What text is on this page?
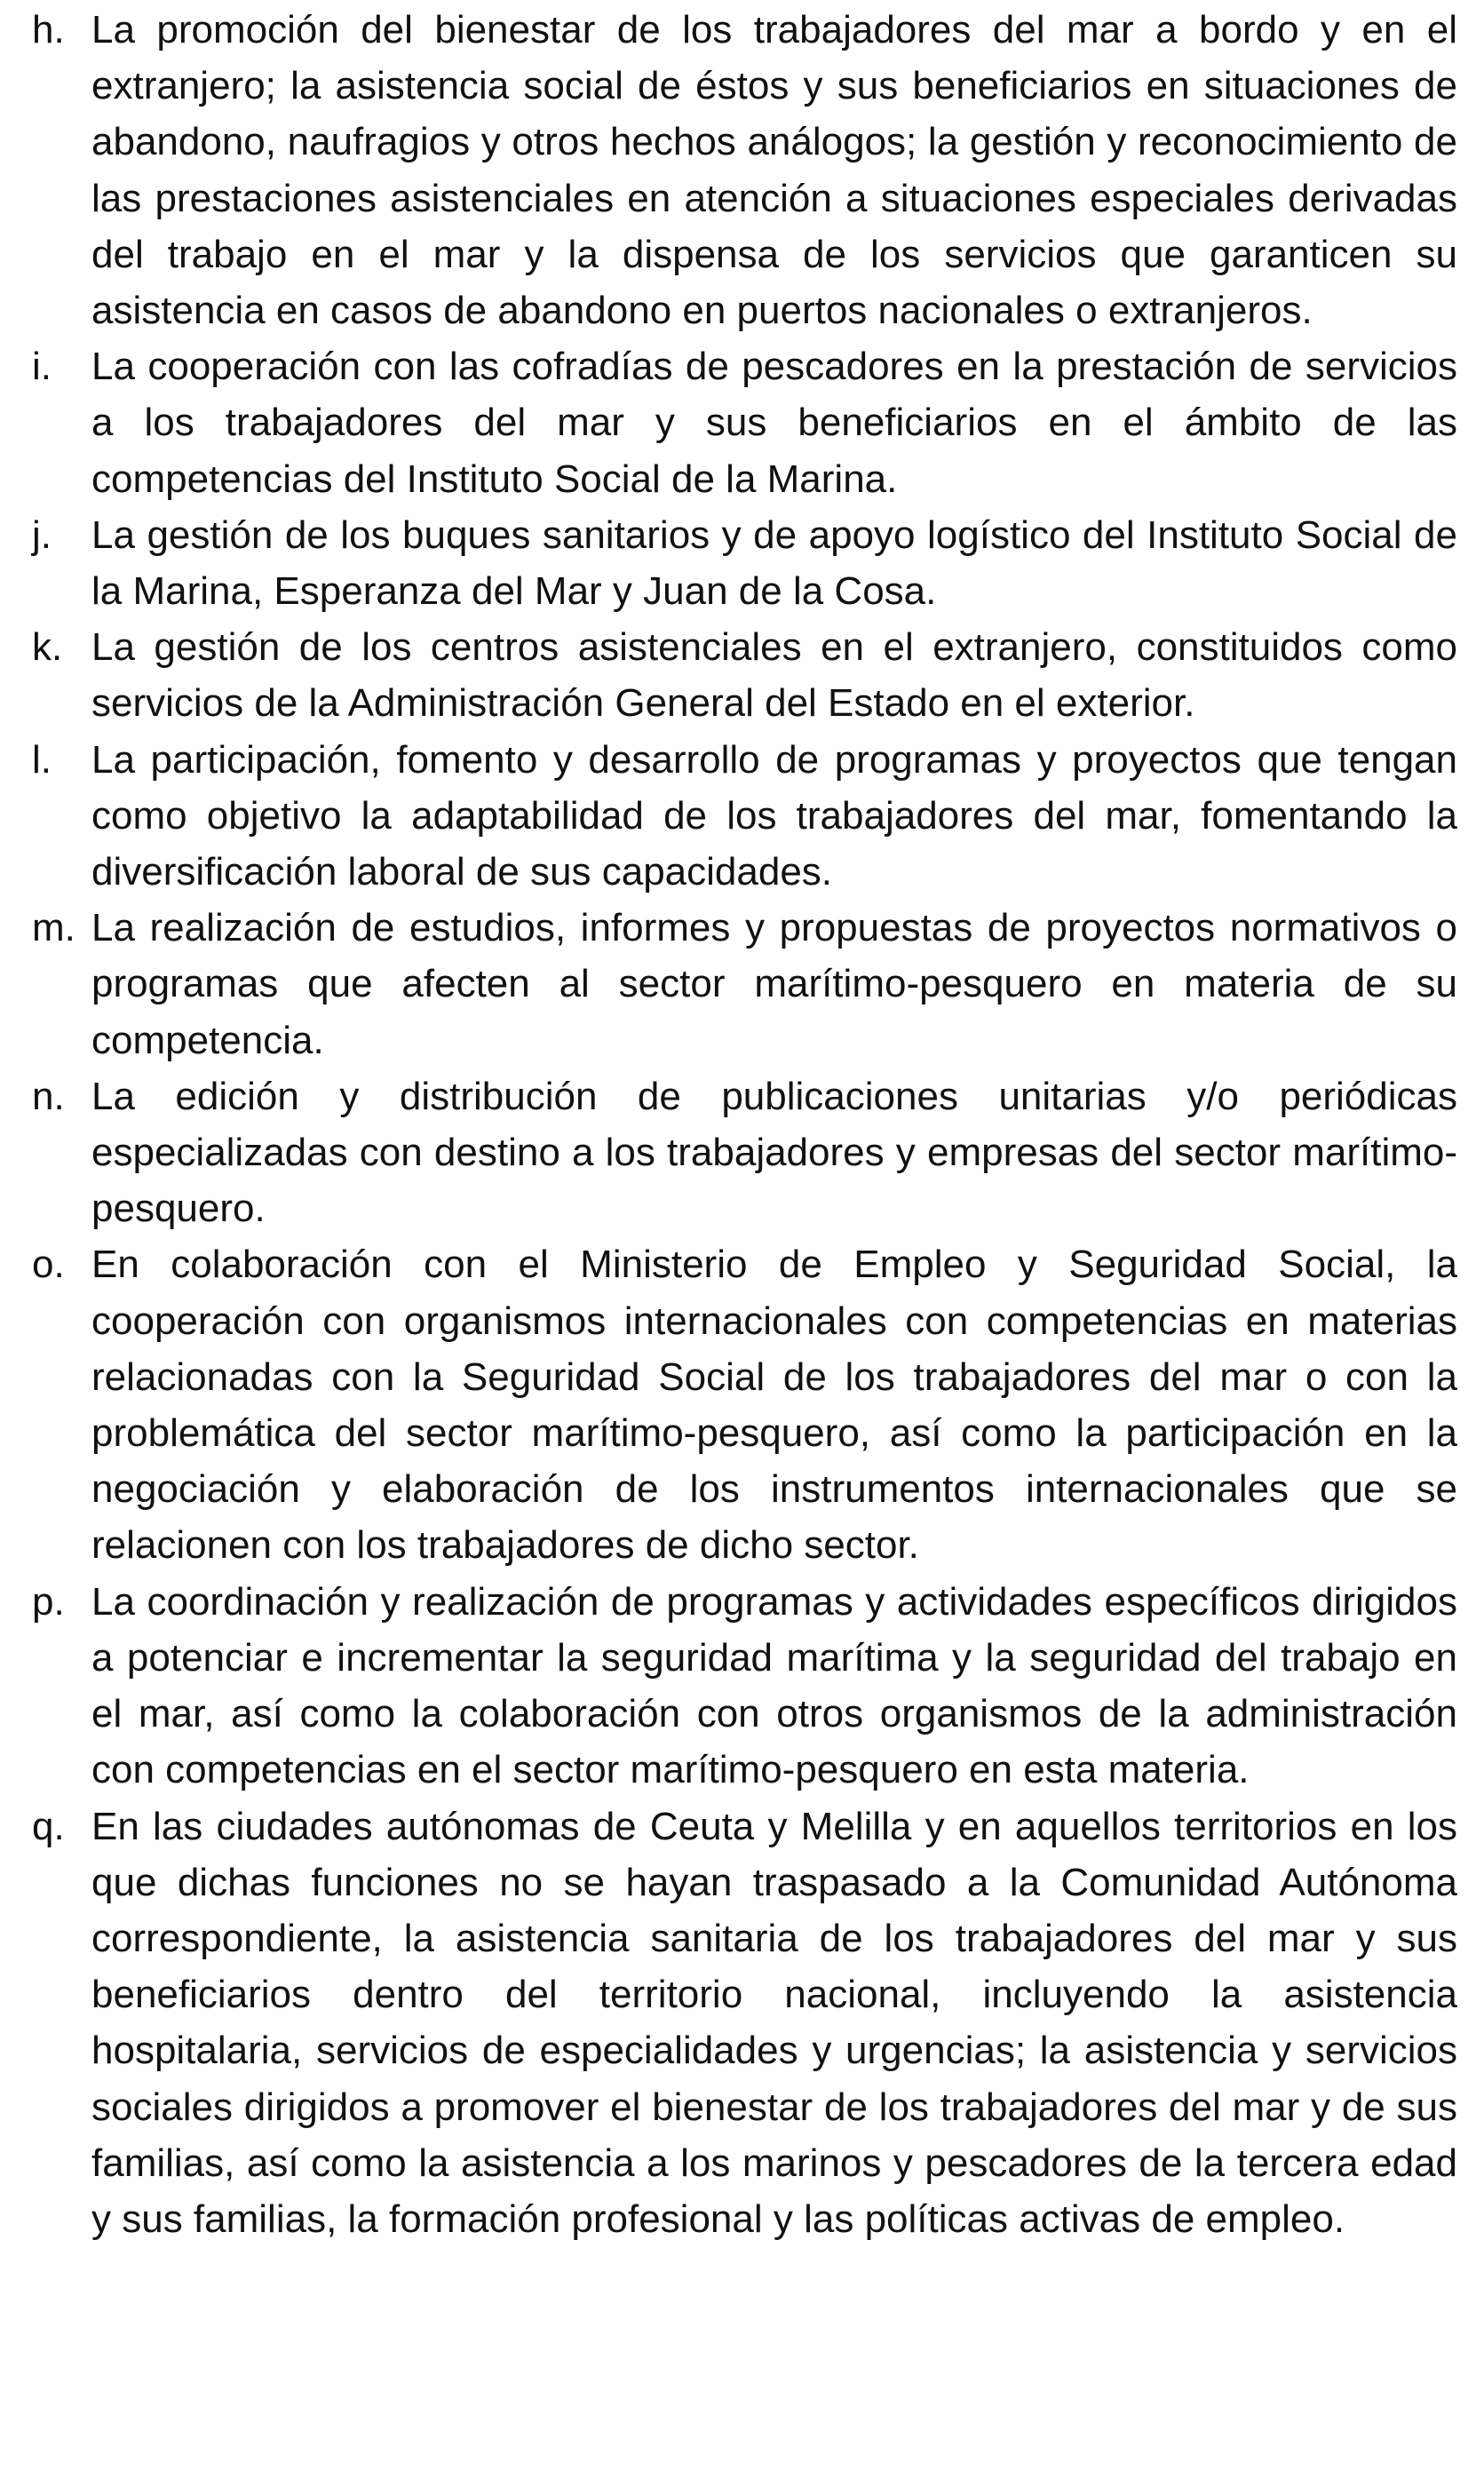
h. La promoción del bienestar de los trabajadores del mar a bordo y en el extranjero; la asistencia social de éstos y sus beneficiarios en situaciones de abandono, naufragios y otros hechos análogos; la gestión y reconocimiento de las prestaciones asistenciales en atención a situaciones especiales derivadas del trabajo en el mar y la dispensa de los servicios que garanticen su asistencia en casos de abandono en puertos nacionales o extranjeros.
i.	La cooperación con las cofradías de pescadores en la prestación de servicios a los trabajadores del mar y sus beneficiarios en el ámbito de las competencias del Instituto Social de la Marina.
j.	La gestión de los buques sanitarios y de apoyo logístico del Instituto Social de la Marina, Esperanza del Mar y Juan de la Cosa.
k. La gestión de los centros asistenciales en el extranjero, constituidos como servicios de la Administración General del Estado en el exterior.
l.	La participación, fomento y desarrollo de programas y proyectos que tengan como objetivo la adaptabilidad de los trabajadores del mar, fomentando la diversificación laboral de sus capacidades.
m. La realización de estudios, informes y propuestas de proyectos normativos o programas que afecten al sector marítimo-pesquero en materia de su competencia.
n. La edición y distribución de publicaciones unitarias y/o periódicas especializadas con destino a los trabajadores y empresas del sector marítimo-pesquero.
o. En colaboración con el Ministerio de Empleo y Seguridad Social, la cooperación con organismos internacionales con competencias en materias relacionadas con la Seguridad Social de los trabajadores del mar o con la problemática del sector marítimo-pesquero, así como la participación en la negociación y elaboración de los instrumentos internacionales que se relacionen con los trabajadores de dicho sector.
p. La coordinación y realización de programas y actividades específicos dirigidos a potenciar e incrementar la seguridad marítima y la seguridad del trabajo en el mar, así como la colaboración con otros organismos de la administración con competencias en el sector marítimo-pesquero en esta materia.
q. En las ciudades autónomas de Ceuta y Melilla y en aquellos territorios en los que dichas funciones no se hayan traspasado a la Comunidad Autónoma correspondiente, la asistencia sanitaria de los trabajadores del mar y sus beneficiarios dentro del territorio nacional, incluyendo la asistencia hospitalaria, servicios de especialidades y urgencias; la asistencia y servicios sociales dirigidos a promover el bienestar de los trabajadores del mar y de sus familias, así como la asistencia a los marinos y pescadores de la tercera edad y sus familias, la formación profesional y las políticas activas de empleo.
